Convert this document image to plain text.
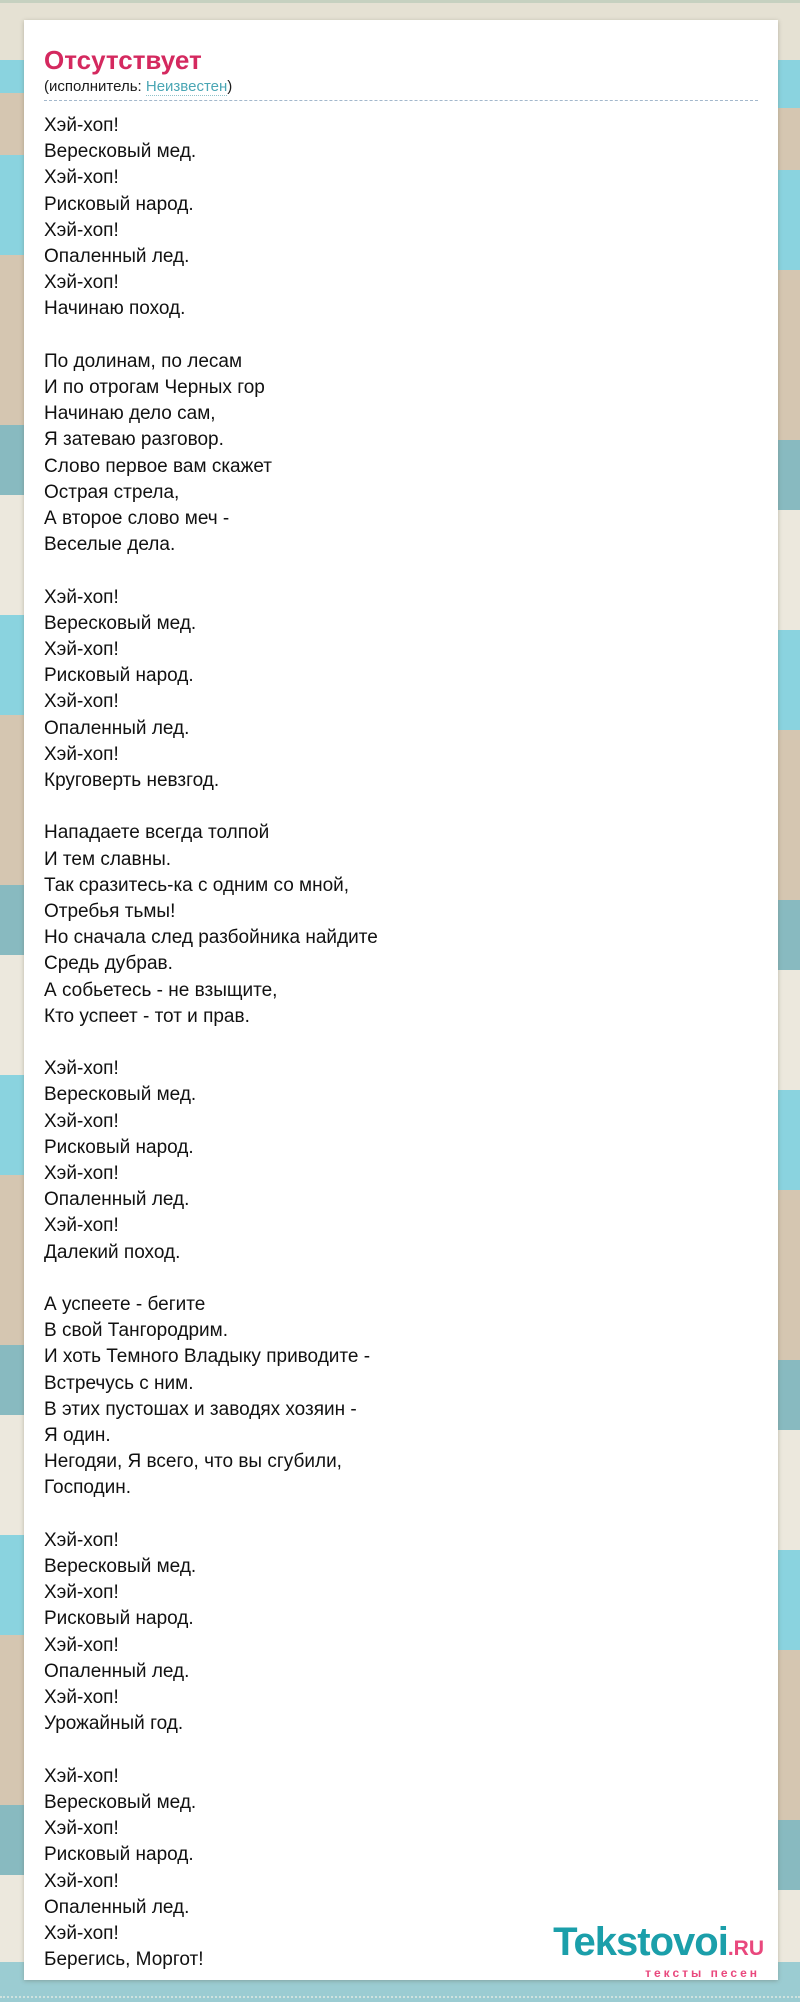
Отсутствует
(исполнитель: Неизвестен)
Хэй-хоп!
Вересковый мед.
Хэй-хоп!
Рисковый народ.
Хэй-хоп!
Опаленный лед.
Хэй-хоп!
Начинаю поход.
По долинам, по лесам
И по отрогам Черных гор
Начинаю дело сам,
Я затеваю разговор.
Слово первое вам скажет
Острая стрела,
А второе слово меч -
Веселые дела.
Хэй-хоп!
Вересковый мед.
Хэй-хоп!
Рисковый народ.
Хэй-хоп!
Опаленный лед.
Хэй-хоп!
Круговерть невзгод.
Нападаете всегда толпой
И тем славны.
Так сразитесь-ка с одним со мной,
Отребья тьмы!
Но сначала след разбойника найдите
Средь дубрав.
А собьетесь - не взыщите,
Кто успеет - тот и прав.
Хэй-хоп!
Вересковый мед.
Хэй-хоп!
Рисковый народ.
Хэй-хоп!
Опаленный лед.
Хэй-хоп!
Далекий поход.
А успеете - бегите
В свой Тангородрим.
И хоть Темного Владыку приводите -
Встречусь с ним.
В этих пустошах и заводях хозяин -
Я один.
Негодяи, Я всего, что вы сгубили,
Господин.
Хэй-хоп!
Вересковый мед.
Хэй-хоп!
Рисковый народ.
Хэй-хоп!
Опаленный лед.
Хэй-хоп!
Урожайный год.
Хэй-хоп!
Вересковый мед.
Хэй-хоп!
Рисковый народ.
Хэй-хоп!
Опаленный лед.
Хэй-хоп!
Берегись, Моргот!	Tekstovoi.RU
тексты песен
